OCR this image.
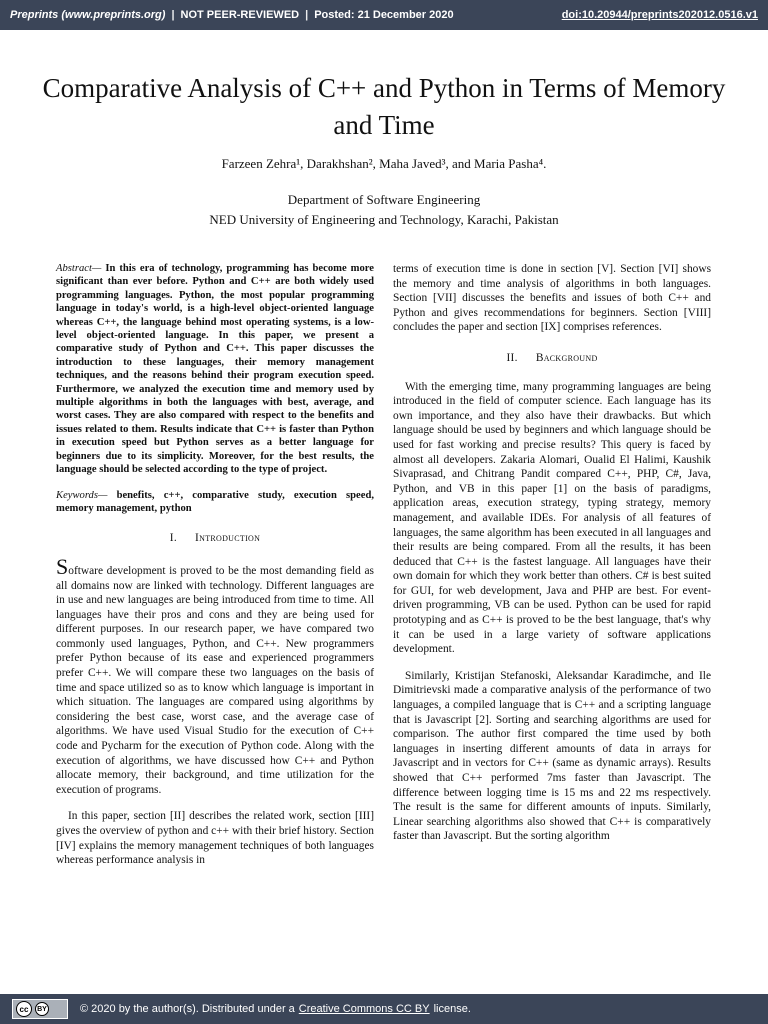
Preprints (www.preprints.org) | NOT PEER-REVIEWED | Posted: 21 December 2020	doi:10.20944/preprints202012.0516.v1
Comparative Analysis of C++ and Python in Terms of Memory and Time
Farzeen Zehra¹, Darakhshan², Maha Javed³, and Maria Pasha⁴.
Department of Software Engineering
NED University of Engineering and Technology, Karachi, Pakistan

Abstract— In this era of technology, programming has become more significant than ever before. Python and C++ are both widely used programming languages. Python, the most popular programming language in today's world, is a high-level object-oriented language whereas C++, the language behind most operating systems, is a low-level object-oriented language. In this paper, we present a comparative study of Python and C++. This paper discusses the introduction to these languages, their memory management techniques, and the reasons behind their program execution speed. Furthermore, we analyzed the execution time and memory used by multiple algorithms in both the languages with best, average, and worst cases. They are also compared with respect to the benefits and issues related to them. Results indicate that C++ is faster than Python in execution speed but Python serves as a better language for beginners due to its simplicity. Moreover, for the best results, the language should be selected according to the type of project.

Keywords— benefits, c++, comparative study, execution speed, memory management, python

I. Introduction

Software development is proved to be the most demanding field as all domains now are linked with technology. Different languages are in use and new languages are being introduced from time to time. All languages have their pros and cons and they are being used for different purposes. In our research paper, we have compared two commonly used languages, Python, and C++. New programmers prefer Python because of its ease and experienced programmers prefer C++. We will compare these two languages on the basis of time and space utilized so as to know which language is important in which situation. The languages are compared using algorithms by considering the best case, worst case, and the average case of algorithms. We have used Visual Studio for the execution of C++ code and Pycharm for the execution of Python code. Along with the execution of algorithms, we have discussed how C++ and Python allocate memory, their background, and time utilization for the execution of programs.

In this paper, section [II] describes the related work, section [III] gives the overview of python and c++ with their brief history. Section [IV] explains the memory management techniques of both languages whereas performance analysis in

terms of execution time is done in section [V]. Section [VI] shows the memory and time analysis of algorithms in both languages. Section [VII] discusses the benefits and issues of both C++ and Python and gives recommendations for beginners. Section [VIII] concludes the paper and section [IX] comprises references.

II. Background

With the emerging time, many programming languages are being introduced in the field of computer science. Each language has its own importance, and they also have their drawbacks. But which language should be used by beginners and which language should be used for fast working and precise results? This query is faced by almost all developers. Zakaria Alomari, Oualid El Halimi, Kaushik Sivaprasad, and Chitrang Pandit compared C++, PHP, C#, Java, Python, and VB in this paper [1] on the basis of paradigms, application areas, execution strategy, typing strategy, memory management, and available IDEs. For analysis of all features of languages, the same algorithm has been executed in all languages and their results are being compared. From all the results, it has been deduced that C++ is the fastest language. All languages have their own domain for which they work better than others. C# is best suited for GUI, for web development, Java and PHP are best. For event-driven programming, VB can be used. Python can be used for rapid prototyping and as C++ is proved to be the best language, that's why it can be used in a large variety of software applications development.

Similarly, Kristijan Stefanoski, Aleksandar Karadimche, and Ile Dimitrievski made a comparative analysis of the performance of two languages, a compiled language that is C++ and a scripting language that is Javascript [2]. Sorting and searching algorithms are used for comparison. The author first compared the time used by both languages in inserting different amounts of data in arrays for Javascript and in vectors for C++ (same as dynamic arrays). Results showed that C++ performed 7ms faster than Javascript. The difference between logging time is 15 ms and 22 ms respectively. The result is the same for different amounts of inputs. Similarly, Linear searching algorithms also showed that C++ is comparatively faster than Javascript. But the sorting algorithm

cc	BY	© 2020 by the author(s). Distributed under a Creative Commons CC BY license.
